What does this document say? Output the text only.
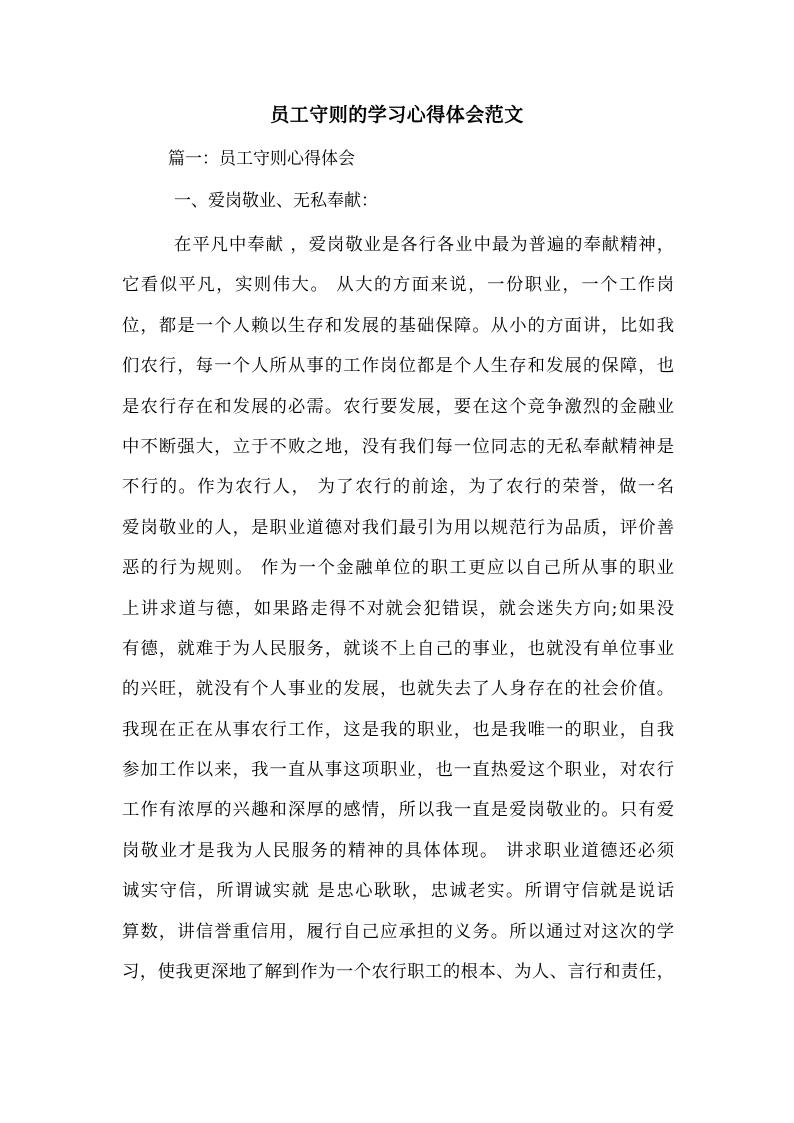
员工守则的学习心得体会范文
篇一：员工守则心得体会
一、爱岗敬业、无私奉献：
在平凡中奉献 ，爱岗敬业是各行各业中最为普遍的奉献精神，
它看似平凡，实则伟大。 从大的方面来说，一份职业，一个工作岗
位，都是一个人赖以生存和发展的基础保障。从小的方面讲，比如我
们农行，每一个人所从事的工作岗位都是个人生存和发展的保障，也
是农行存在和发展的必需。农行要发展，要在这个竞争激烈的金融业
中不断强大，立于不败之地，没有我们每一位同志的无私奉献精神是
不行的。作为农行人， 为了农行的前途，为了农行的荣誉，做一名
爱岗敬业的人，是职业道德对我们最引为用以规范行为品质，评价善
恶的行为规则。 作为一个金融单位的职工更应以自己所从事的职业
上讲求道与德，如果路走得不对就会犯错误，就会迷失方向;如果没
有德，就难于为人民服务，就谈不上自己的事业，也就没有单位事业
的兴旺，就没有个人事业的发展，也就失去了人身存在的社会价值。
我现在正在从事农行工作，这是我的职业，也是我唯一的职业，自我
参加工作以来，我一直从事这项职业，也一直热爱这个职业，对农行
工作有浓厚的兴趣和深厚的感情，所以我一直是爱岗敬业的。只有爱
岗敬业才是我为人民服务的精神的具体体现。 讲求职业道德还必须
诚实守信，所谓诚实就 是忠心耿耿，忠诚老实。所谓守信就是说话
算数，讲信誉重信用，履行自己应承担的义务。所以通过对这次的学
习，使我更深地了解到作为一个农行职工的根本、为人、言行和责任，
